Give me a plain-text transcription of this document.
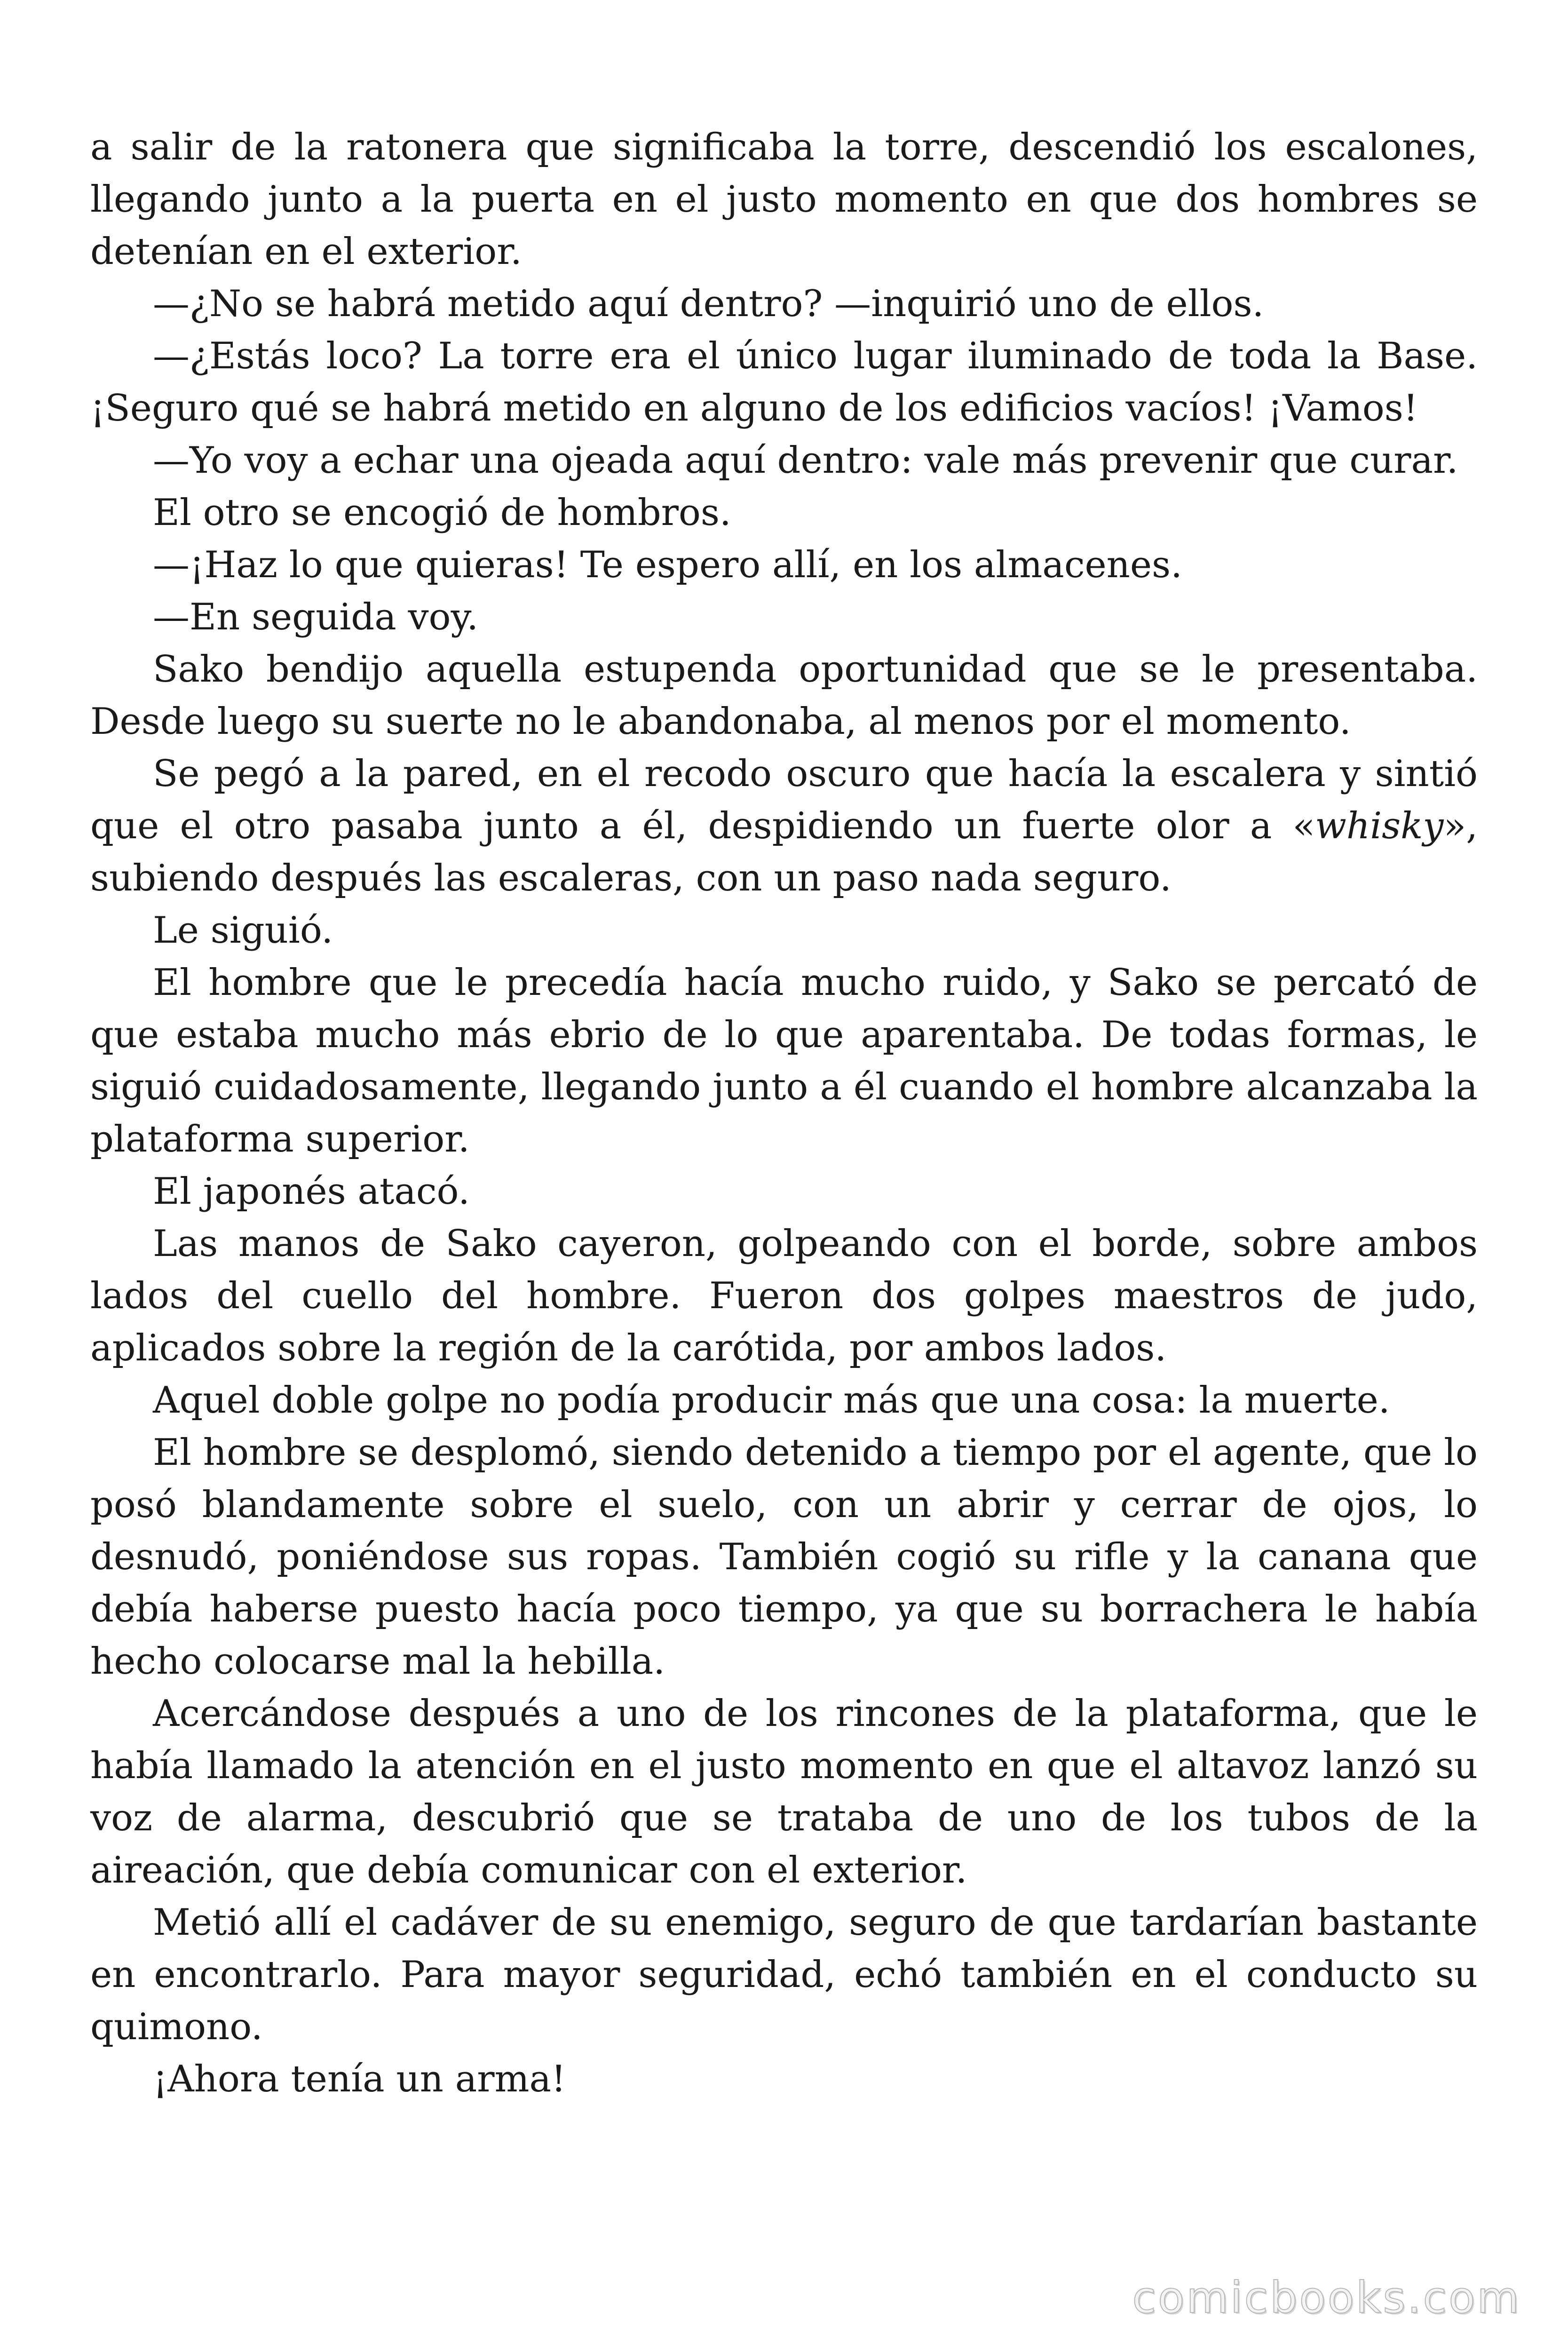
a salir de la ratonera que significaba la torre, descendió los escalones, llegando junto a la puerta en el justo momento en que dos hombres se detenían en el exterior.

—¿No se habrá metido aquí dentro? —inquirió uno de ellos.

—¿Estás loco? La torre era el único lugar iluminado de toda la Base. ¡Seguro qué se habrá metido en alguno de los edificios vacíos! ¡Vamos!

—Yo voy a echar una ojeada aquí dentro: vale más prevenir que curar.

El otro se encogió de hombros.

—¡Haz lo que quieras! Te espero allí, en los almacenes.

—En seguida voy.

Sako bendijo aquella estupenda oportunidad que se le presentaba. Desde luego su suerte no le abandonaba, al menos por el momento.

Se pegó a la pared, en el recodo oscuro que hacía la escalera y sintió que el otro pasaba junto a él, despidiendo un fuerte olor a «whisky», subiendo después las escaleras, con un paso nada seguro.

Le siguió.

El hombre que le precedía hacía mucho ruido, y Sako se percató de que estaba mucho más ebrio de lo que aparentaba. De todas formas, le siguió cuidadosamente, llegando junto a él cuando el hombre alcanzaba la plataforma superior.

El japonés atacó.

Las manos de Sako cayeron, golpeando con el borde, sobre ambos lados del cuello del hombre. Fueron dos golpes maestros de judo, aplicados sobre la región de la carótida, por ambos lados.

Aquel doble golpe no podía producir más que una cosa: la muerte.

El hombre se desplomó, siendo detenido a tiempo por el agente, que lo posó blandamente sobre el suelo, con un abrir y cerrar de ojos, lo desnudó, poniéndose sus ropas. También cogió su rifle y la canana que debía haberse puesto hacía poco tiempo, ya que su borrachera le había hecho colocarse mal la hebilla.

Acercándose después a uno de los rincones de la plataforma, que le había llamado la atención en el justo momento en que el altavoz lanzó su voz de alarma, descubrió que se trataba de uno de los tubos de la aireación, que debía comunicar con el exterior.

Metió allí el cadáver de su enemigo, seguro de que tardarían bastante en encontrarlo. Para mayor seguridad, echó también en el conducto su quimono.

¡Ahora tenía un arma!

comicbooks.com
